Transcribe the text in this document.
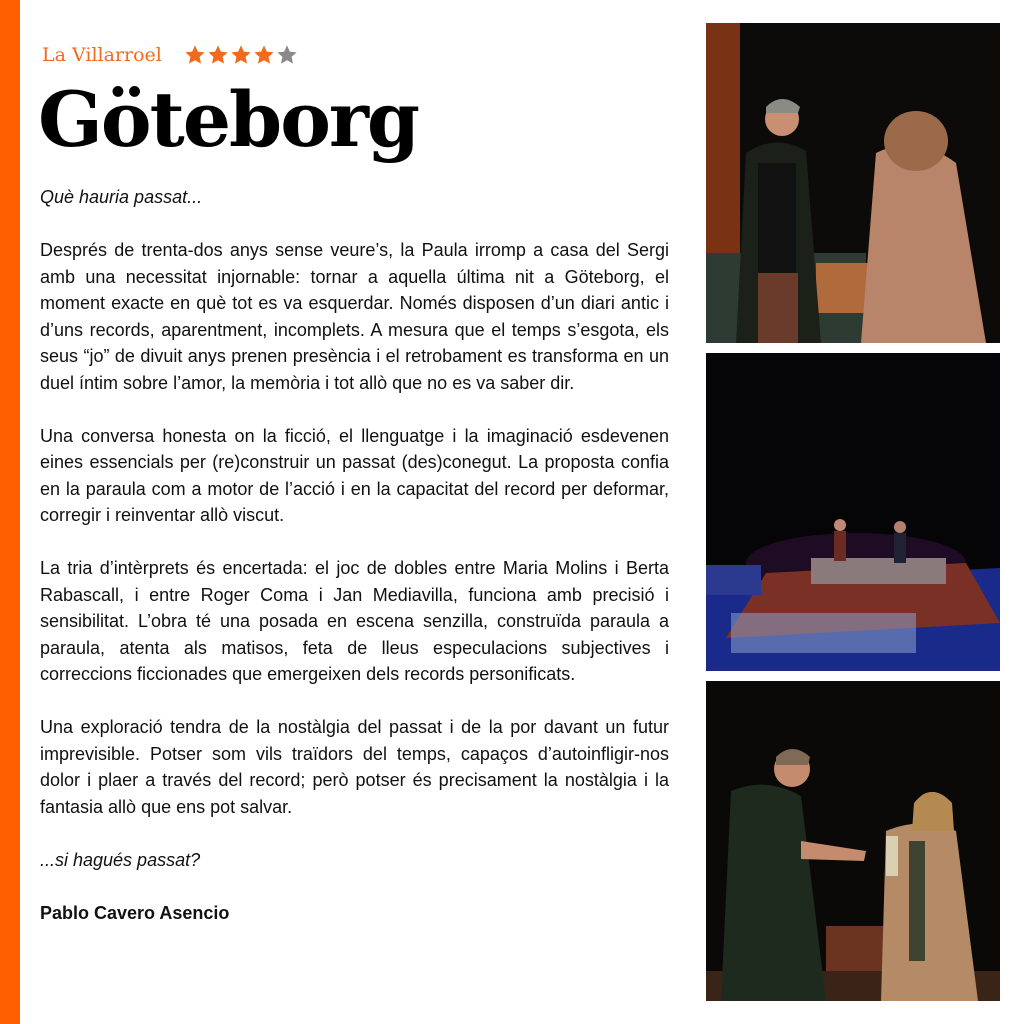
La Villarroel
Göteborg

Què hauria passat...

Després de trenta-dos anys sense veure’s, la Paula irromp a casa del Sergi amb una necessitat injornable: tornar a aquella última nit a Göteborg, el moment exacte en què tot es va esquerdar. Només disposen d’un diari antic i d’uns records, aparentment, incomplets. A mesura que el temps s’esgota, els seus “jo” de divuit anys prenen presència i el retrobament es transforma en un duel íntim sobre l’amor, la memòria i tot allò que no es va saber dir.

Una conversa honesta on la ficció, el llenguatge i la imaginació esdevenen eines essencials per (re)construir un passat (des)conegut. La proposta confia en la paraula com a motor de l’acció i en la capacitat del record per deformar, corregir i reinventar allò viscut.

La tria d’intèrprets és encertada: el joc de dobles entre Maria Molins i Berta Rabascall, i entre Roger Coma i Jan Mediavilla, funciona amb precisió i sensibilitat. L’obra té una posada en escena senzilla, construïda paraula a paraula, atenta als matisos, feta de lleus especulacions subjectives i correccions ficcionades que emergeixen dels records personificats.

Una exploració tendra de la nostàlgia del passat i de la por davant un futur imprevisible. Potser som vils traïdors del temps, capaços d’autoinfligir-nos dolor i plaer a través del record; però potser és precisament la nostàlgia i la fantasia allò que ens pot salvar.

...si hagués passat?

Pablo Cavero Asencio
